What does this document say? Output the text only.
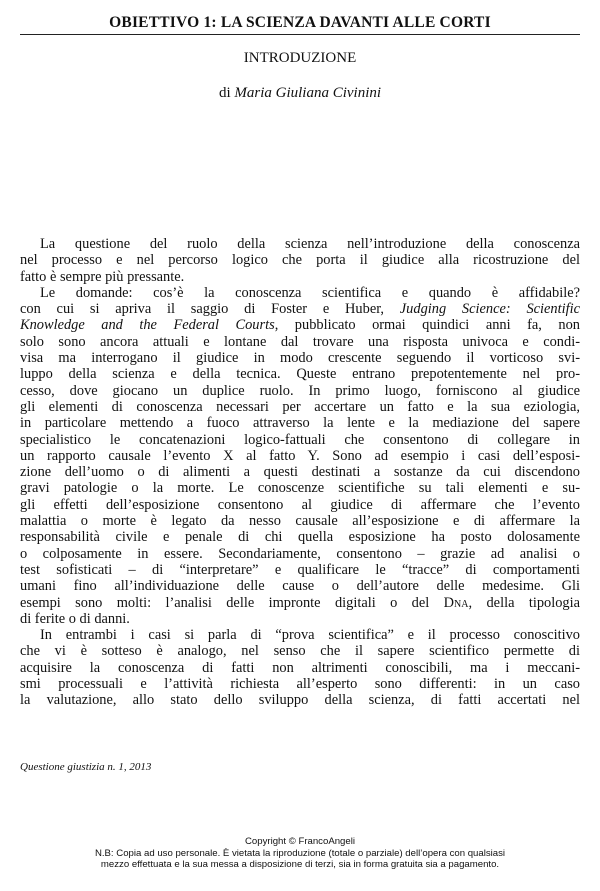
OBIETTIVO 1: LA SCIENZA DAVANTI ALLE CORTI
INTRODUZIONE
di Maria Giuliana Civinini
La questione del ruolo della scienza nell’introduzione della conoscenza
nel processo e nel percorso logico che porta il giudice alla ricostruzione del
fatto è sempre più pressante.
Le domande: cos’è la conoscenza scientifica e quando è affidabile?
con cui si apriva il saggio di Foster e Huber, Judging Science: Scientific
Knowledge and the Federal Courts, pubblicato ormai quindici anni fa, non
solo sono ancora attuali e lontane dal trovare una risposta univoca e condi-
visa ma interrogano il giudice in modo crescente seguendo il vorticoso svi-
luppo della scienza e della tecnica. Queste entrano prepotentemente nel pro-
cesso, dove giocano un duplice ruolo. In primo luogo, forniscono al giudice
gli elementi di conoscenza necessari per accertare un fatto e la sua eziologia,
in particolare mettendo a fuoco attraverso la lente e la mediazione del sapere
specialistico le concatenazioni logico-fattuali che consentono di collegare in
un rapporto causale l’evento X al fatto Y. Sono ad esempio i casi dell’esposi-
zione dell’uomo o di alimenti a questi destinati a sostanze da cui discendono
gravi patologie o la morte. Le conoscenze scientifiche su tali elementi e su-
gli effetti dell’esposizione consentono al giudice di affermare che l’evento
malattia o morte è legato da nesso causale all’esposizione e di affermare la
responsabilità civile e penale di chi quella esposizione ha posto dolosamente
o colposamente in essere. Secondariamente, consentono – grazie ad analisi o
test sofisticati – di “interpretare” e qualificare le “tracce” di comportamenti
umani fino all’individuazione delle cause o dell’autore delle medesime. Gli
esempi sono molti: l’analisi delle impronte digitali o del Dna, della tipologia
di ferite o di danni.
In entrambi i casi si parla di “prova scientifica” e il processo conoscitivo
che vi è sotteso è analogo, nel senso che il sapere scientifico permette di
acquisire la conoscenza di fatti non altrimenti conoscibili, ma i meccani-
smi processuali e l’attività richiesta all’esperto sono differenti: in un caso
la valutazione, allo stato dello sviluppo della scienza, di fatti accertati nel
Questione giustizia n. 1, 2013
Copyright © FrancoAngeli
N.B: Copia ad uso personale. È vietata la riproduzione (totale o parziale) dell’opera con qualsiasi
mezzo effettuata e la sua messa a disposizione di terzi, sia in forma gratuita sia a pagamento.
